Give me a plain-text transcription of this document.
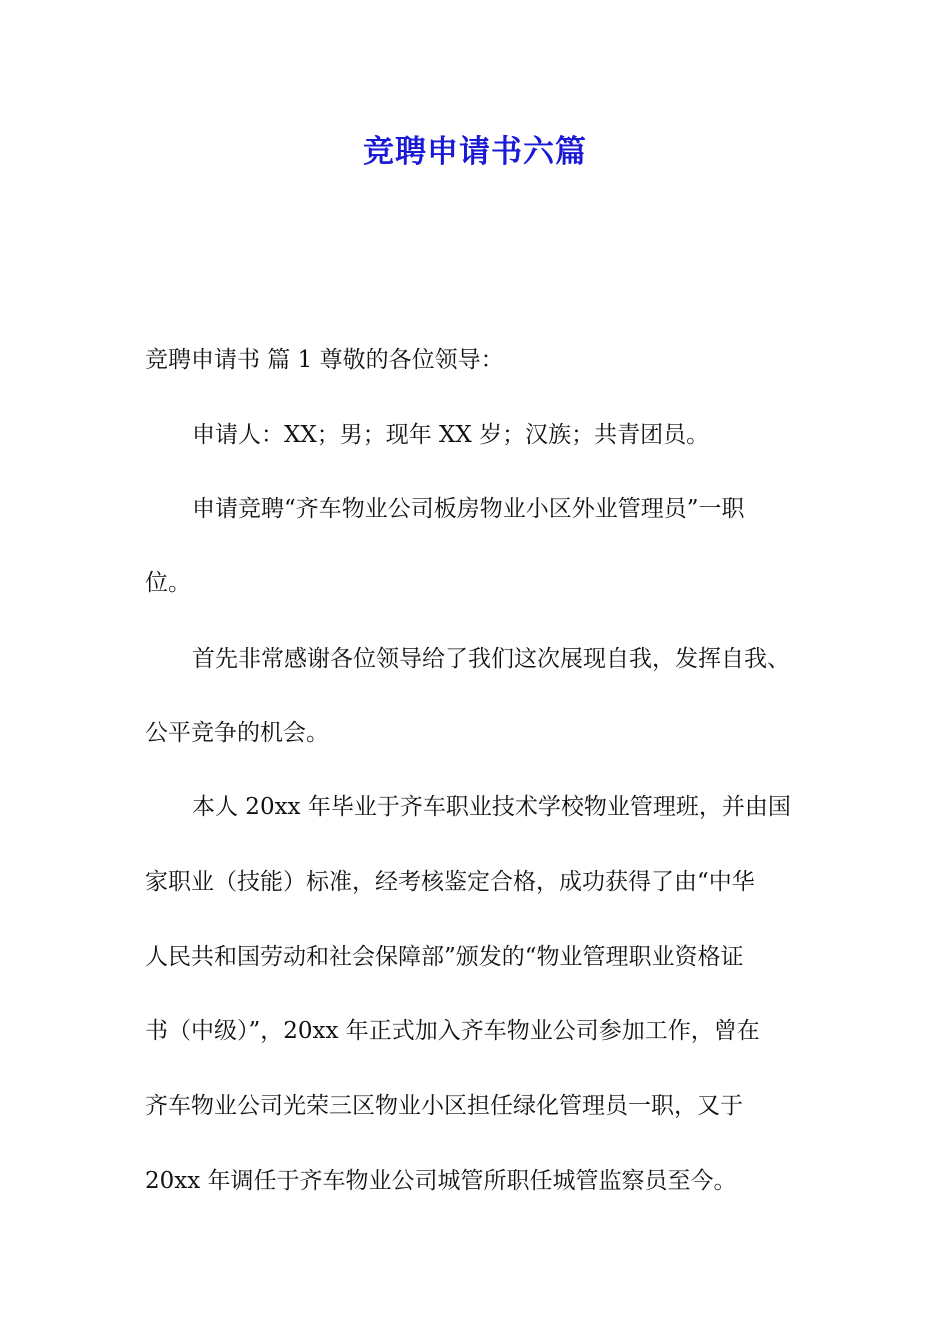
竞聘申请书六篇
竞聘申请书 篇 1 尊敬的各位领导：
申请人：XX；男；现年 XX 岁；汉族；共青团员。
申请竞聘“齐车物业公司板房物业小区外业管理员”一职
位。
首先非常感谢各位领导给了我们这次展现自我，发挥自我、
公平竞争的机会。
本人 20xx 年毕业于齐车职业技术学校物业管理班，并由国
家职业（技能）标准，经考核鉴定合格，成功获得了由“中华
人民共和国劳动和社会保障部”颁发的“物业管理职业资格证
书（中级）”，20xx 年正式加入齐车物业公司参加工作，曾在
齐车物业公司光荣三区物业小区担任绿化管理员一职，又于
20xx 年调任于齐车物业公司城管所职任城管监察员至今。
